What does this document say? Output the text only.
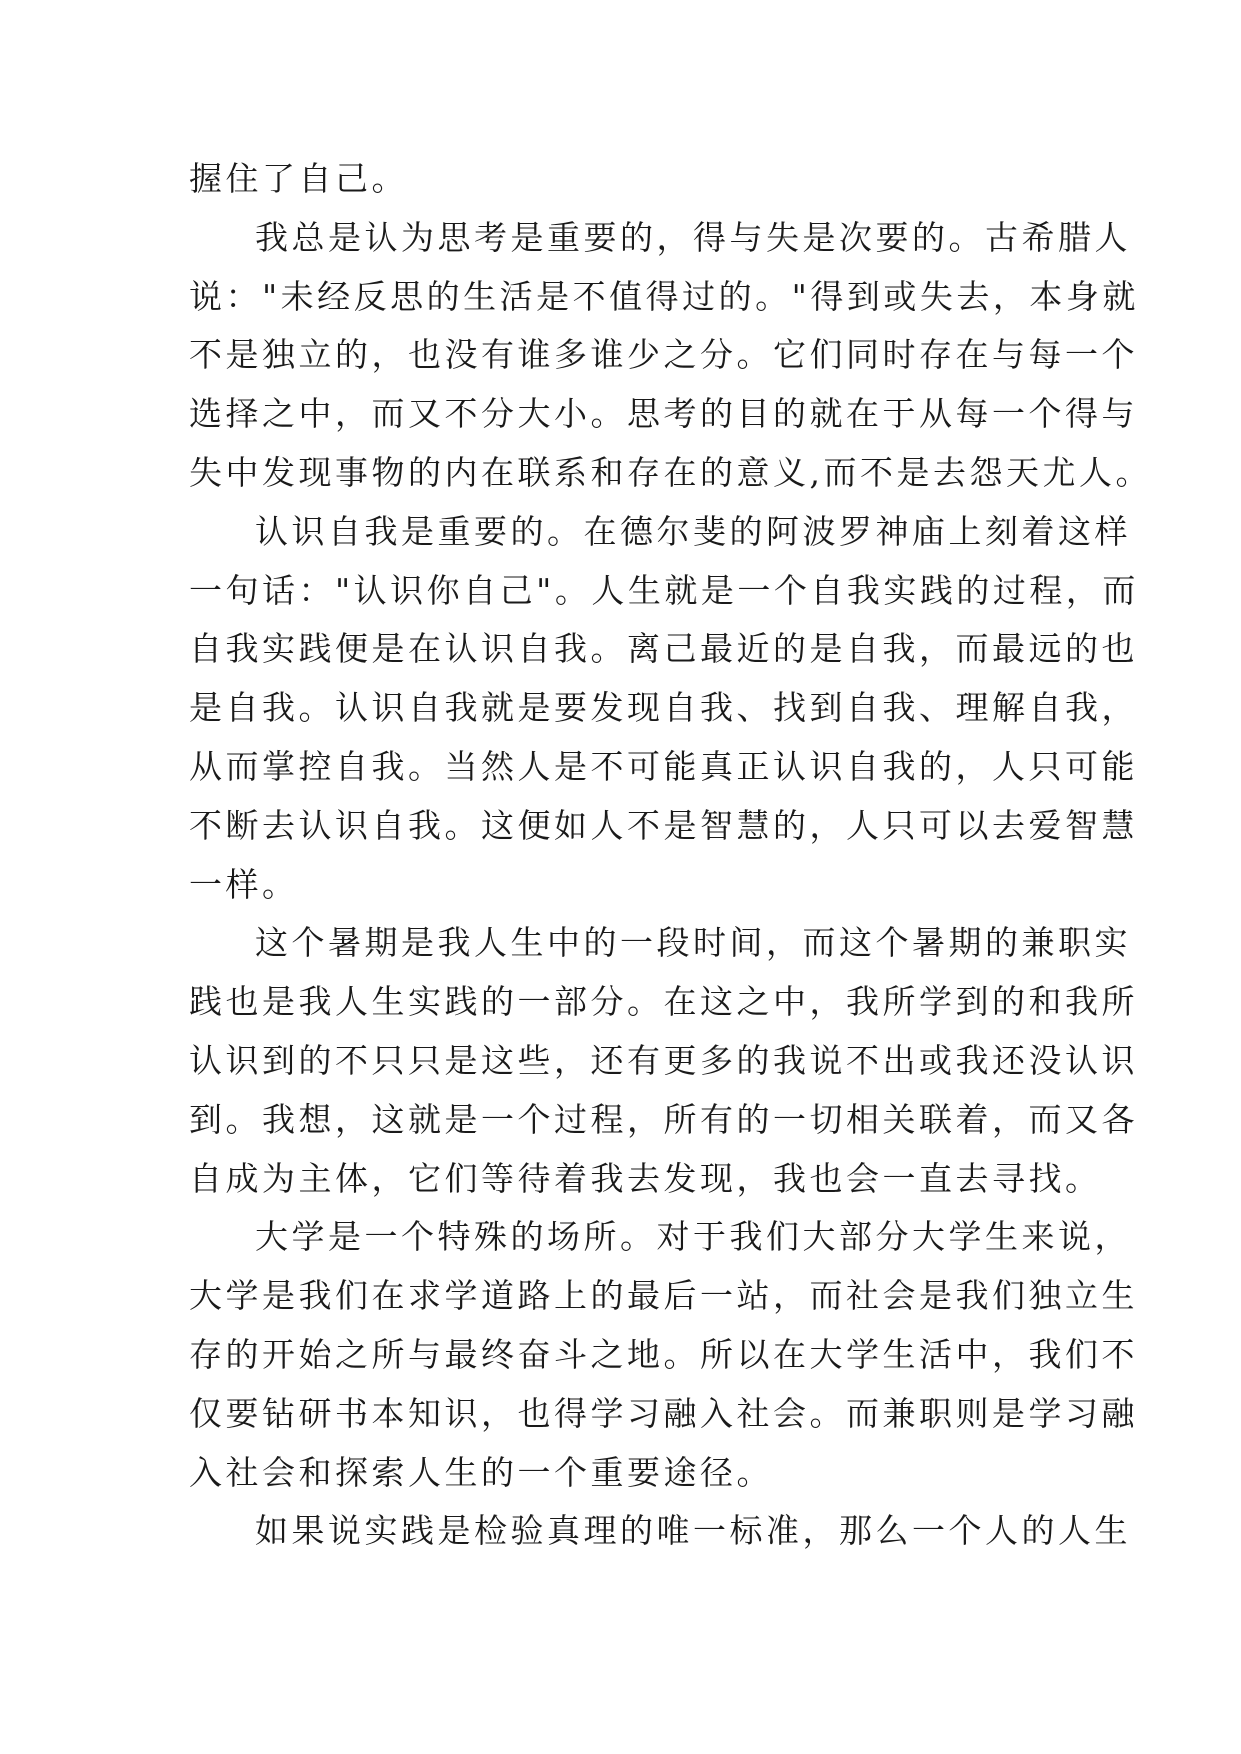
握住了自己。
我总是认为思考是重要的，得与失是次要的。古希腊人
说："未经反思的生活是不值得过的。"得到或失去，本身就
不是独立的，也没有谁多谁少之分。它们同时存在与每一个
选择之中，而又不分大小。思考的目的就在于从每一个得与
失中发现事物的内在联系和存在的意义,而不是去怨天尤人。
认识自我是重要的。在德尔斐的阿波罗神庙上刻着这样
一句话："认识你自己"。人生就是一个自我实践的过程，而
自我实践便是在认识自我。离己最近的是自我，而最远的也
是自我。认识自我就是要发现自我、找到自我、理解自我，
从而掌控自我。当然人是不可能真正认识自我的，人只可能
不断去认识自我。这便如人不是智慧的，人只可以去爱智慧
一样。
这个暑期是我人生中的一段时间，而这个暑期的兼职实
践也是我人生实践的一部分。在这之中，我所学到的和我所
认识到的不只只是这些，还有更多的我说不出或我还没认识
到。我想，这就是一个过程，所有的一切相关联着，而又各
自成为主体，它们等待着我去发现，我也会一直去寻找。
大学是一个特殊的场所。对于我们大部分大学生来说，
大学是我们在求学道路上的最后一站，而社会是我们独立生
存的开始之所与最终奋斗之地。所以在大学生活中，我们不
仅要钻研书本知识，也得学习融入社会。而兼职则是学习融
入社会和探索人生的一个重要途径。
如果说实践是检验真理的唯一标准，那么一个人的人生
